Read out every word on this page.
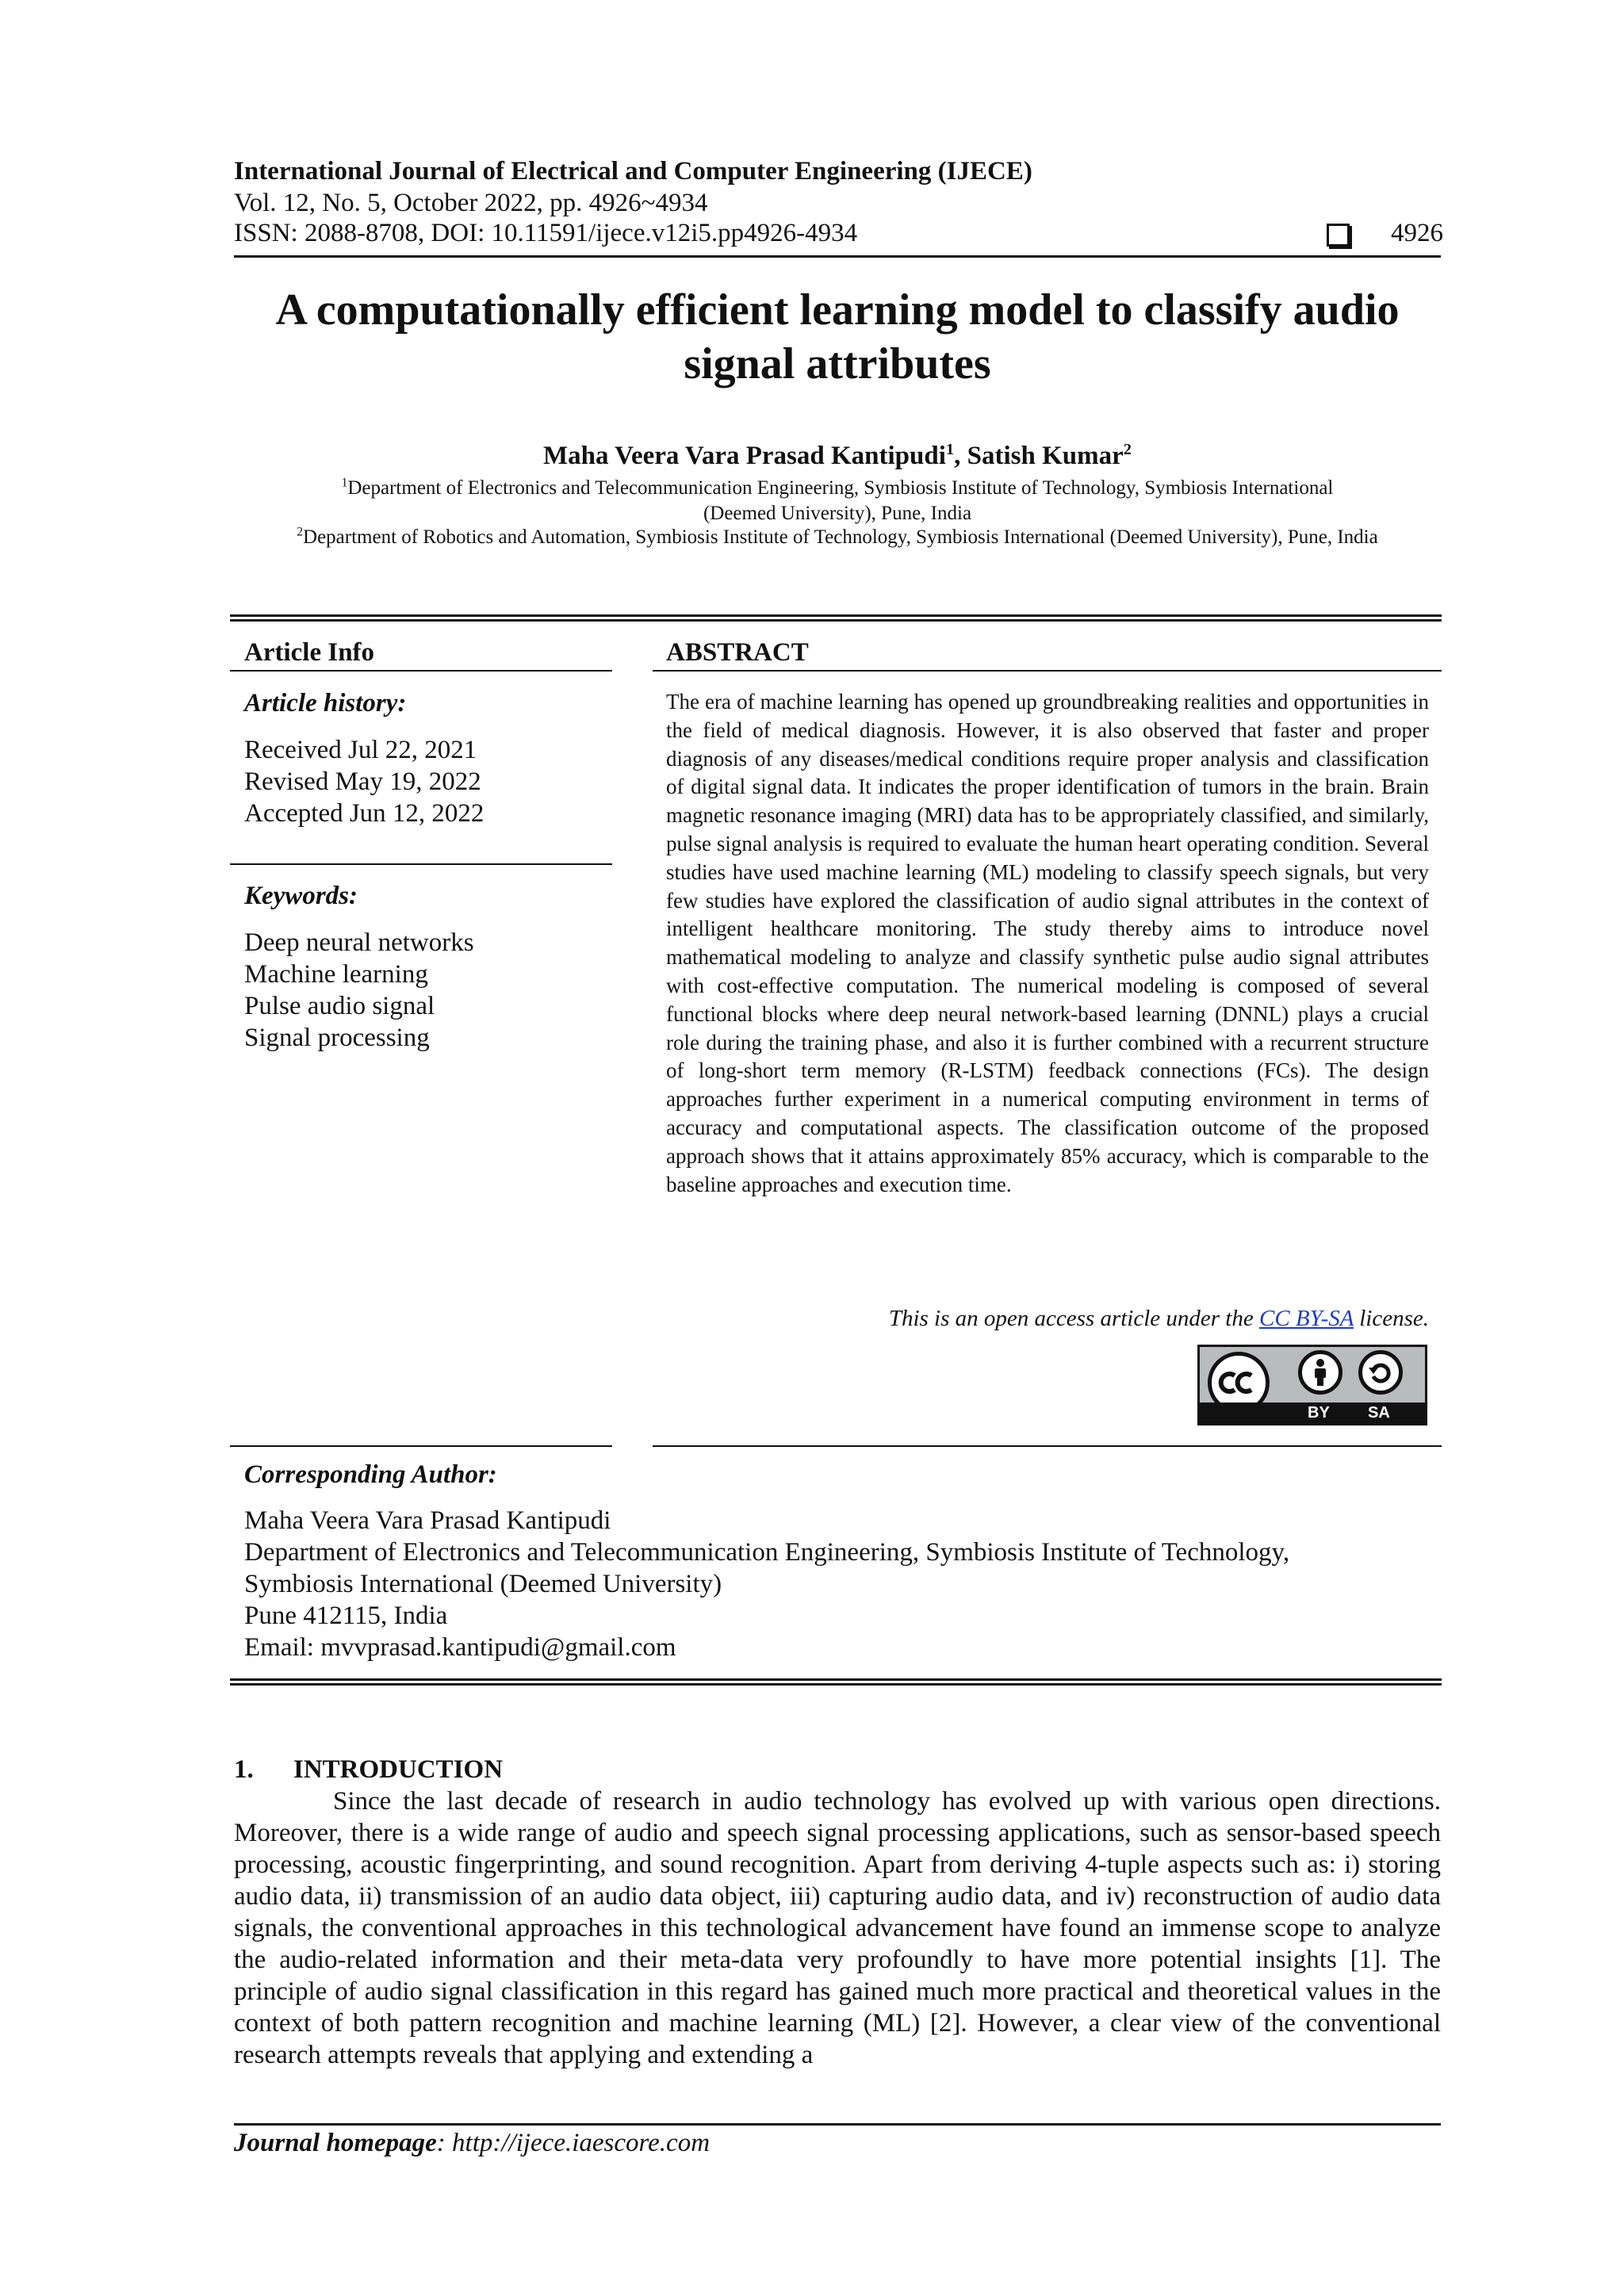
International Journal of Electrical and Computer Engineering (IJECE)
Vol. 12, No. 5, October 2022, pp. 4926~4934
ISSN: 2088-8708, DOI: 10.11591/ijece.v12i5.pp4926-4934	4926
A computationally efficient learning model to classify audio
signal attributes
Maha Veera Vara Prasad Kantipudi$^1$, Satish Kumar$^2$
$^1$Department of Electronics and Telecommunication Engineering, Symbiosis Institute of Technology, Symbiosis International
(Deemed University), Pune, India
$^2$Department of Robotics and Automation, Symbiosis Institute of Technology, Symbiosis International (Deemed University), Pune, India
Article Info
Article history:
Received Jul 22, 2021
Revised May 19, 2022
Accepted Jun 12, 2022
Keywords:
Deep neural networks
Machine learning
Pulse audio signal
Signal processing
ABSTRACT
The era of machine learning has opened up groundbreaking realities and opportunities in the field of medical diagnosis. However, it is also observed that faster and proper diagnosis of any diseases/medical conditions require proper analysis and classification of digital signal data. It indicates the proper identification of tumors in the brain. Brain magnetic resonance imaging (MRI) data has to be appropriately classified, and similarly, pulse signal analysis is required to evaluate the human heart operating condition. Several studies have used machine learning (ML) modeling to classify speech signals, but very few studies have explored the classification of audio signal attributes in the context of intelligent healthcare monitoring. The study thereby aims to introduce novel mathematical modeling to analyze and classify synthetic pulse audio signal attributes with cost-effective computation. The numerical modeling is composed of several functional blocks where deep neural network-based learning (DNNL) plays a crucial role during the training phase, and also it is further combined with a recurrent structure of long-short term memory (R-LSTM) feedback connections (FCs). The design approaches further experiment in a numerical computing environment in terms of accuracy and computational aspects. The classification outcome of the proposed approach shows that it attains approximately 85% accuracy, which is comparable to the baseline approaches and execution time.
This is an open access article under the CC BY-SA license.
BY SA
Corresponding Author:
Maha Veera Vara Prasad Kantipudi
Department of Electronics and Telecommunication Engineering, Symbiosis Institute of Technology,
Symbiosis International (Deemed University)
Pune 412115, India
Email: mvvprasad.kantipudi@gmail.com
1. INTRODUCTION
Since the last decade of research in audio technology has evolved up with various open directions. Moreover, there is a wide range of audio and speech signal processing applications, such as sensor-based speech processing, acoustic fingerprinting, and sound recognition. Apart from deriving 4-tuple aspects such as: i) storing audio data, ii) transmission of an audio data object, iii) capturing audio data, and iv) reconstruction of audio data signals, the conventional approaches in this technological advancement have found an immense scope to analyze the audio-related information and their meta-data very profoundly to have more potential insights [1]. The principle of audio signal classification in this regard has gained much more practical and theoretical values in the context of both pattern recognition and machine learning (ML) [2]. However, a clear view of the conventional research attempts reveals that applying and extending a
Journal homepage: http://ijece.iaescore.com
